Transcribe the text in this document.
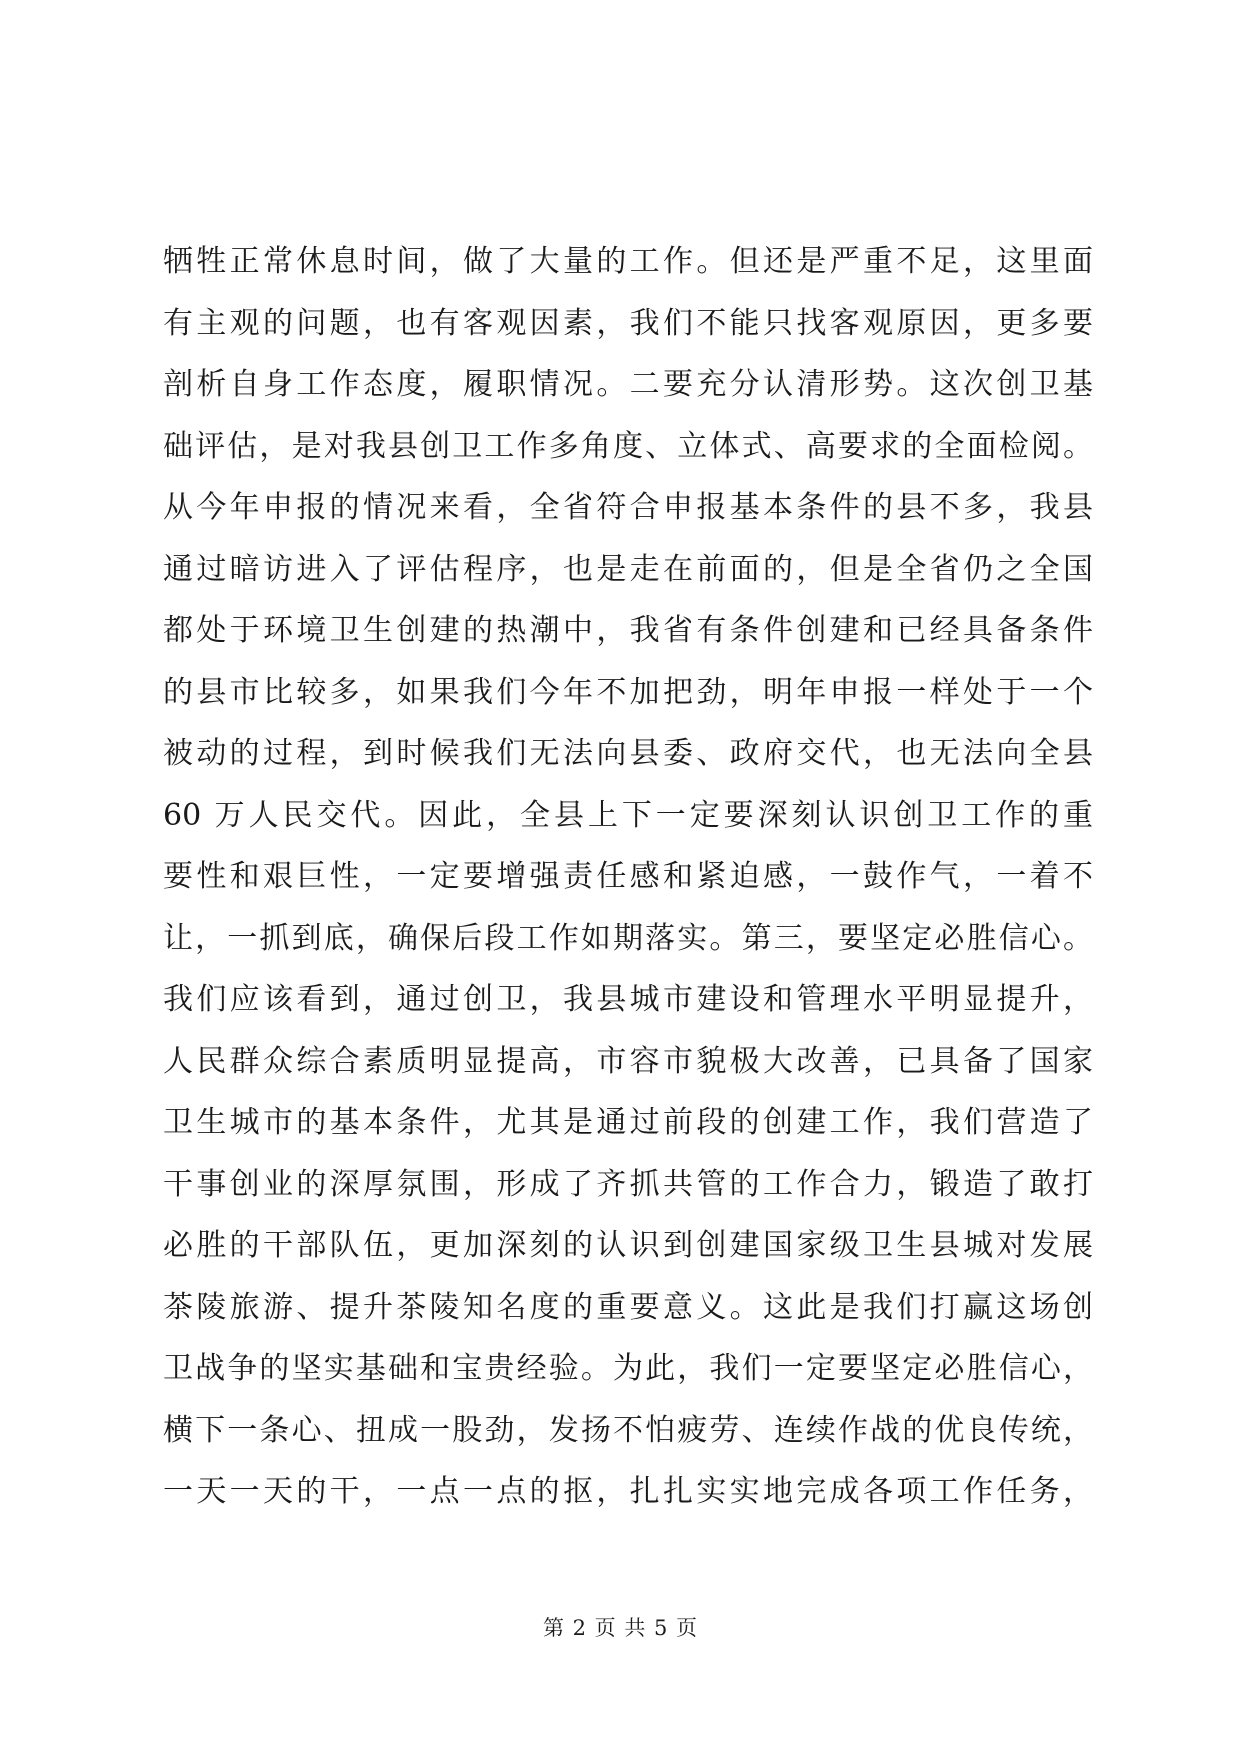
牺牲正常休息时间，做了大量的工作。但还是严重不足，这里面
有主观的问题，也有客观因素，我们不能只找客观原因，更多要
剖析自身工作态度，履职情况。二要充分认清形势。这次创卫基
础评估，是对我县创卫工作多角度、立体式、高要求的全面检阅。
从今年申报的情况来看，全省符合申报基本条件的县不多，我县
通过暗访进入了评估程序，也是走在前面的，但是全省仍之全国
都处于环境卫生创建的热潮中，我省有条件创建和已经具备条件
的县市比较多，如果我们今年不加把劲，明年申报一样处于一个
被动的过程，到时候我们无法向县委、政府交代，也无法向全县
60 万人民交代。因此，全县上下一定要深刻认识创卫工作的重
要性和艰巨性，一定要增强责任感和紧迫感，一鼓作气，一着不
让，一抓到底，确保后段工作如期落实。第三，要坚定必胜信心。
我们应该看到，通过创卫，我县城市建设和管理水平明显提升，
人民群众综合素质明显提高，市容市貌极大改善，已具备了国家
卫生城市的基本条件，尤其是通过前段的创建工作，我们营造了
干事创业的深厚氛围，形成了齐抓共管的工作合力，锻造了敢打
必胜的干部队伍，更加深刻的认识到创建国家级卫生县城对发展
茶陵旅游、提升茶陵知名度的重要意义。这此是我们打赢这场创
卫战争的坚实基础和宝贵经验。为此，我们一定要坚定必胜信心，
横下一条心、扭成一股劲，发扬不怕疲劳、连续作战的优良传统，
一天一天的干，一点一点的抠，扎扎实实地完成各项工作任务，
第 2 页 共 5 页
